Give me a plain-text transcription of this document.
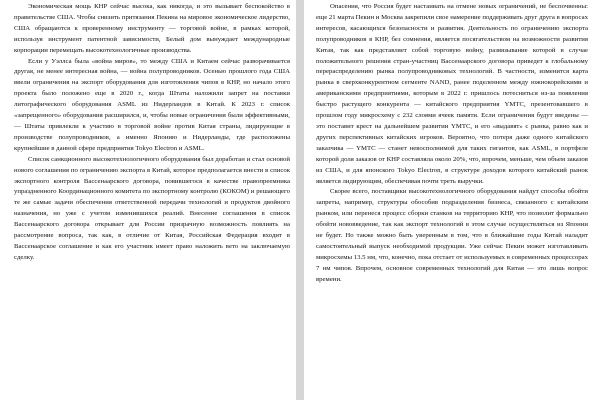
Экономическая мощь КНР сейчас высока, как никогда, и это вызывает беспокойство в правительстве США. Чтобы снизить притязания Пекина на мировое экономическое лидерство, США обращаются к проверенному инструменту — торговой войне, в рамках которой, используя инструмент патентной зависимости, Белый дом вынуждает международные корпорации перемещать высокотехнологичные производства.

Если у Уэллса была «война миров», то между США и Китаем сейчас разворачивается другая, не менее интересная война, — война полупроводников. Осенью прошлого года США ввели ограничения на экспорт оборудования для изготовления чипов в КНР, но начало этого проекта было положено еще в 2020 г., когда Штаты наложили запрет на поставки литографического оборудования ASML из Нидерландов в Китай. К 2023 г. список «запрещенного» оборудования расширился, и, чтобы новые ограничения были эффективными, — Штаты привлекли к участию в торговой войне против Китая страны, лидирующие в производстве полупроводников, а именно Японию и Нидерланды, где расположены крупнейшие в данной сфере предприятия Tokyo Electron и ASML.

Список санкционного высокотехнологичного оборудования был доработан и стал основой нового соглашения по ограничению экспорта в Китай, которое предполагается внести в список экспортного контроля Вассенаарского договора, повившегося в качестве правопреемника упраздненного Координационного комитета по экспортному контролю (КОКОМ) и решающего те же самые задачи обеспечения ответственной передачи технологий и продуктов двойного назначения, но уже с учетом изменившихся реалий. Внесение соглашения в список Вассенаарского договора открывает для России призрачную возможность повлиять на рассмотрение вопроса, так как, в отличие от Китая, Российская Федерация входит в Вассенаарское соглашение и как его участник имеет право наложить вето на заключаемую сделку.

Опасения, что Россия будет настаивать на отмене новых ограничений, не беспочвенны: еще 21 марта Пекин и Москва закрепили свое намерение поддерживать друг друга в вопросах интересов, касающихся безопасности и развития. Деятельность по ограничению экспорта полупроводников в КНР, без сомнения, является посягательством на возможности развития Китая, так как представляет собой торговую войну, развязывание которой в случае положительного решения стран-участниц Вассенаарского договора приведет к глобальному перераспределению рынка полупроводниковых технологий. В частности, изменится карта рынка в сверхконкурентном сегменте NAND, ранее поделенном между южнокорейскими и американскими предприятиями, которым в 2022 г. пришлось потесниться из-за появления быстро растущего конкурента — китайского предприятия YMTC, презентовавшего в прошлом году микросхему с 232 слоями ячеек памяти. Если ограничения будут введены — это поставит крест на дальнейшем развитии YMTC, и его «выдавят» с рынка, равно как и других перспективных китайских игроков. Вероятно, что потеря даже одного китайского заказчика — YMTC — станет невосполнимой для таких гигантов, как ASML, в портфеле которой доля заказов от КНР составляла около 20%, что, впрочем, меньше, чем объем заказов из США, и для японского Tokyo Electron, в структуре доходов которого китайский рынок является лидирующим, обеспечивая почти треть выручки.

Скорее всего, поставщики высокотехнологичного оборудования найдут способы обойти запреты, например, структуры обособив подразделения бизнеса, связанного с китайским рынком, или перенеся процесс сборки станков на территорию КНР, что позволит формально обойти нововведение, так как экспорт технологий в этом случае осуществляться из Японии не будет. Но также можно быть уверенным в том, что в ближайшие годы Китай наладит самостоятельный выпуск необходимой продукции. Уже сейчас Пекин может изготавливать микросхемы 13.5 нм, что, конечно, пока отстает от используемых в современных процессорах 7 нм чипов. Впрочем, основное современных технологий для Китая — это лишь вопрос времени.
